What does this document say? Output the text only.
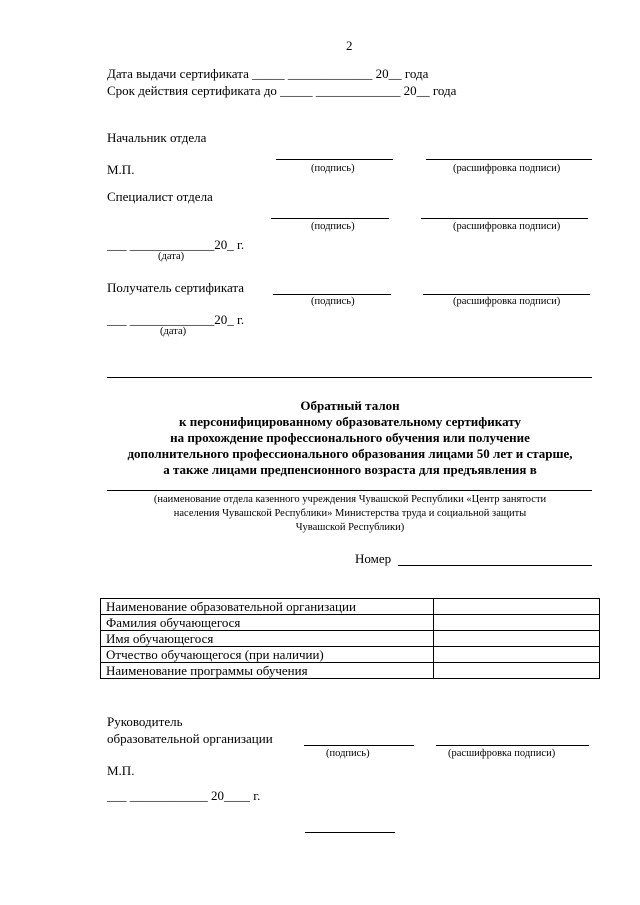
2
Дата выдачи сертификата _____ _____________ 20__ года
Срок действия сертификата до _____ _____________ 20__ года
Начальник отдела
М.П.	(подпись)	(расшифровка подписи)
Специалист отдела
(подпись)	(расшифровка подписи)
___ _____________20_ г.
(дата)
Получатель сертификата
(подпись)	(расшифровка подписи)
___ _____________20_ г.
(дата)
Обратный талон
к персонифицированному образовательному сертификату
на прохождение профессионального обучения или получение
дополнительного профессионального образования лицами 50 лет и старше,
а также лицами предпенсионного возраста для предъявления в
(наименование отдела казенного учреждения Чувашской Республики «Центр занятости
населения Чувашской Республики» Министерства труда и социальной защиты
Чувашской Республики)
Номер
Наименование образовательной организации	
Фамилия обучающегося	
Имя обучающегося	
Отчество обучающегося (при наличии)	
Наименование программы обучения	
Руководитель
образовательной организации
(подпись)	(расшифровка подписи)
М.П.
___ ____________ 20____ г.
